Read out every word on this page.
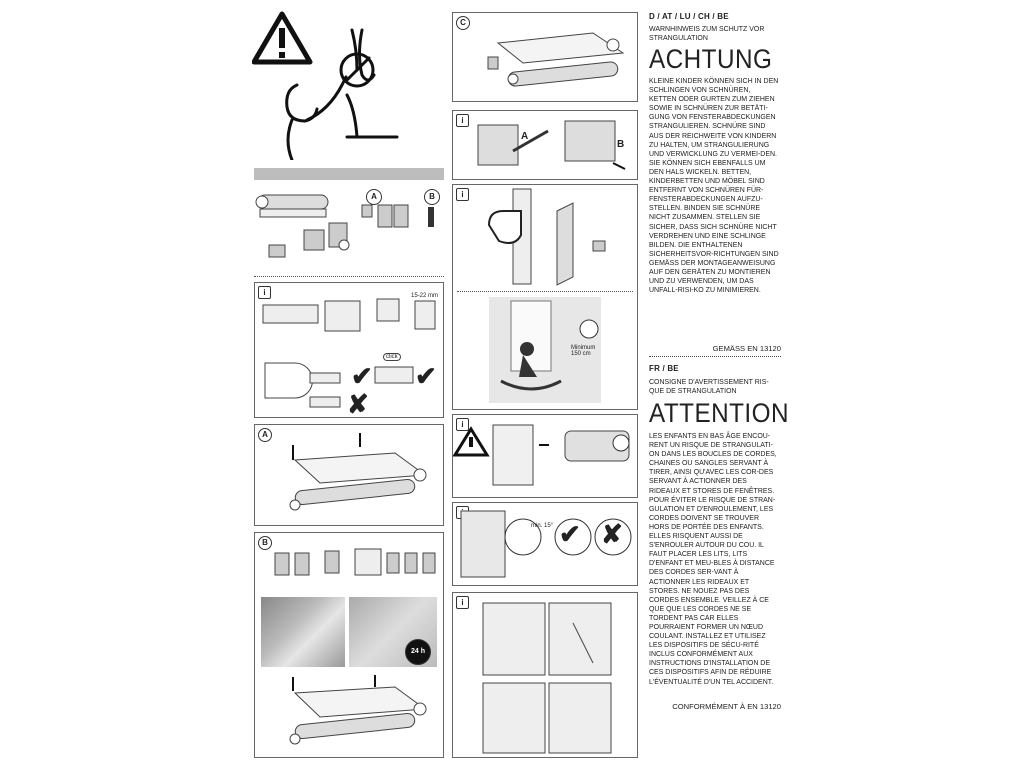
A	B
i	15-22 mm
click
✔ ✔
✘
A
B
24 h
C
i
A
B
i
Minimum
150 cm
i
min. 15° ✔ ✘
i
D / AT / LU / CH / BE
WARNHINWEIS ZUM SCHUTZ VOR STRANGULATION
ACHTUNG
KLEINE KINDER KÖNNEN SICH IN DEN SCHLINGEN VON SCHNÜREN, KETTEN ODER GURTEN ZUM ZIEHEN SOWIE IN SCHNÜREN ZUR BETÄTI-GUNG VON FENSTERABDECKUNGEN STRANGULIEREN. SCHNÜRE SIND AUS DER REICHWEITE VON KINDERN ZU HALTEN, UM STRANGULIERUNG UND VERWICKLUNG ZU VERMEI-DEN. SIE KÖNNEN SICH EBENFALLS UM DEN HALS WICKELN. BETTEN, KINDERBETTEN UND MÖBEL SIND ENTFERNT VON SCHNÜREN FÜR-FENSTERABDECKUNGEN AUFZU-STELLEN. BINDEN SIE SCHNÜRE NICHT ZUSAMMEN. STELLEN SIE SICHER, DASS SICH SCHNÜRE NICHT VERDREHEN UND EINE SCHLINGE BILDEN. DIE ENTHALTENEN SICHERHEITSVOR-RICHTUNGEN SIND GEMÄSS DER MONTAGEANWEISUNG AUF DEN GERÄTEN ZU MONTIEREN UND ZU VERWENDEN, UM DAS UNFALL-RISI-KO ZU MINIMIEREN.
GEMÄSS EN 13120
FR / BE
CONSIGNE D'AVERTISSEMENT RIS-QUE DE STRANGULATION
ATTENTION
LES ENFANTS EN BAS ÂGE ENCOU-RENT UN RISQUE DE STRANGULATI-ON DANS LES BOUCLES DE CORDES, CHAINES OU SANGLES SERVANT À TIRER, AINSI QU'AVEC LES COR-DES SERVANT À ACTIONNER DES RIDEAUX ET STORES DE FENÊTRES. POUR ÉVITER LE RISQUE DE STRAN-GULATION ET D'ENROULEMENT, LES CORDES DOIVENT SE TROUVER HORS DE PORTÉE DES ENFANTS. ELLES RISQUENT AUSSI DE S'ENROULER AUTOUR DU COU. IL FAUT PLACER LES LITS, LITS D'ENFANT ET MEU-BLES À DISTANCE DES CORDES SER-VANT À ACTIONNER LES RIDEAUX ET STORES. NE NOUEZ PAS DES CORDES ENSEMBLE. VEILLEZ À CE QUE QUE LES CORDES NE SE TORDENT PAS CAR ELLES POURRAIENT FORMER UN NŒUD COULANT. INSTALLEZ ET UTILISEZ LES DISPOSITIFS DE SÉCU-RITÉ INCLUS CONFORMÉMENT AUX INSTRUCTIONS D'INSTALLATION DE CES DISPOSITIFS AFIN DE RÉDUIRE L'ÉVENTUALITÉ D'UN TEL ACCIDENT.
CONFORMÉMENT À EN 13120
